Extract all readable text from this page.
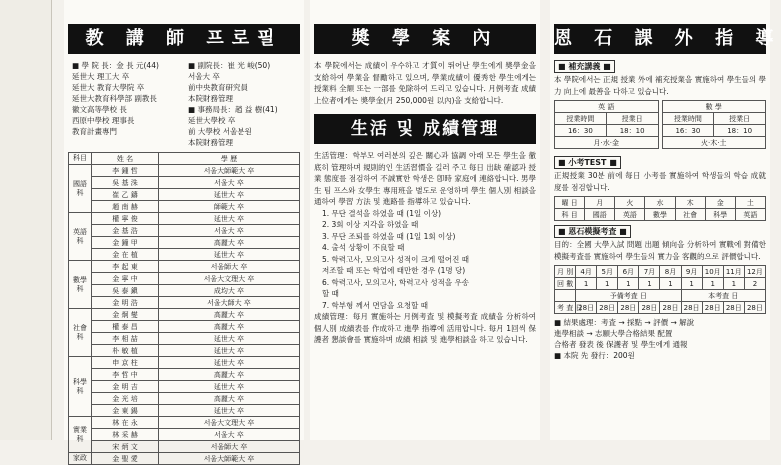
教 講 師 프로필
■ 學 院 長：金 長 元(44)
延世大 理工大 卒
延世大 教育大學院 卒
延世大教育科學部 副教長
徽文高等學校 長
西原中學校 理事長
教育計畫專門
■ 副院長：崔 光 峻(50)
서울大 卒
前中央教育研究員
本院財務管理
■ 事務局長：趙 益 樹(41)
延世大學校 卒
前 大學校 서울분원
本院財務管理
科目	姓 名	學 歷
國語科	李 鍾 哲	서울大師範大 卒
	吳 基 洙	서울大 卒
	崔 乙 鑄	延世大 卒
	趙 南 赫	師範大 卒
英語科	權 寧 俊	延世大 卒
	金 基 浩	서울大 卒
	金 鐘 甲	高麗大 卒
	金 在 植	延世大 卒
數學科	李 起 東	서울師大 卒
	金 寧 中	서울大文理大 卒
	吳 泰 鎭	成均大 卒
	金 明 浩	서울大師大 卒
社會科	金 炯 燮	高麗大 卒
	權 泰 昌	高麗大 卒
	李 相 喆	延世大 卒
	朴 敏 植	延世大 卒
科學科	申 京 柱	延世大 卒
	李 哲 中	高麗大 卒
	金 明 吉	延世大 卒
	金 光 培	高麗大 卒
	金 東 錫	延世大 卒
實業科	林 在 永	서울大文理大 卒
	林 采 赫	서울大 卒
	宋 炳 文	서울師大 卒
家政	金 聖 愛	서울大師範大 卒
奬 學 案 內
本 學院에서는 成績이 우수하고 才質이 뛰어난 學生에게 奬學金을 支給하여 學業을 督勵하고 있으며, 學業成績이 優秀한 學生에게는 授業料 全額 또는 一部를 免除하여 드리고 있습니다. 月例考査 成績 上位者에게는 奬學金(月 250,000원 以內)을 支給합니다.
生活 및 成績管理
生活管理：학부모 여러분의 깊은 關心과 協調 아래 모든 學生을 徹底히 管理하며 規則的인 生活習慣을 길러 주고 每日 出缺 確認과 授業 態度를 점검하여 不誠實한 학생은 卽時 家庭에 連絡합니다. 男學生 팀 프스와 女學生 專用班을 별도로 운영하며 學生 個人別 相談을 通하여 學習 方法 및 進路를 指導하고 있습니다.
1. 무단 결석을 하였을 때 (1일 이상)
2. 3회 이상 지각을 하였을 때
3. 무단 조퇴를 하였을 때 (1일 1회 이상)
4. 출석 상황이 不良할 때
5. 학력고사, 모의고사 성적이 크게 떨어진 때
저조할 때 또는 학업에 태만한 경우 (1명 당)
6. 학력고사, 모의고사, 학력고사 성적을 우송
할 때
7. 학부형 께서 면담을 요청할 때
成績管理：每月 實施하는 月例考査 및 模擬考査 成績을 分析하여 個人別 成績表를 作成하고 進學 指導에 活用합니다. 每月 1回씩 保護者 懇談會를 實施하며 成績 相談 및 進學相談을 하고 있습니다.
恩 石 課 外 指 導
■ 補充講義 ■
本 學院에서는 正規 授業 外에 補充授業을 實施하여 學生들의 學力 向上에 最善을 다하고 있습니다.
英 語	
授業時間	授業日
16：30	18：10
月·水·金	
數 學	
授業時間	授業日
16：30	18：10
火·木·土	
■ 小考TEST ■
正規授業 30분 前에 每日 小考를 實施하여 학생들의 학습 成就度를 점검합니다.
曜 日	月	火	水	木	金	土
科 目	國語	英語	數學	社會	科學	英語
■ 恩石模擬考査 ■
目的：全國 大學入試 問題 出題 傾向을 分析하여 實戰에 對備한 模擬考査를 實施하여 學生들의 實力을 客觀的으로 評價합니다.
月 別	4月	5月	6月	7月	8月	9月	10月	11月	12月
回 數	1	1	1	1	1	1	1	1	2
	予備考査 日					本考査 日			
考 査 日	28日	28日	28日	28日	28日	28日	28日	28日	28日
■ 結果處理：考査 → 採點 → 評價 → 解說
進學相談 → 志願大學合格結果 配置
合格者 發表 後 保護者 및 學生에게 通報
■ 本院 先 發行：200원
